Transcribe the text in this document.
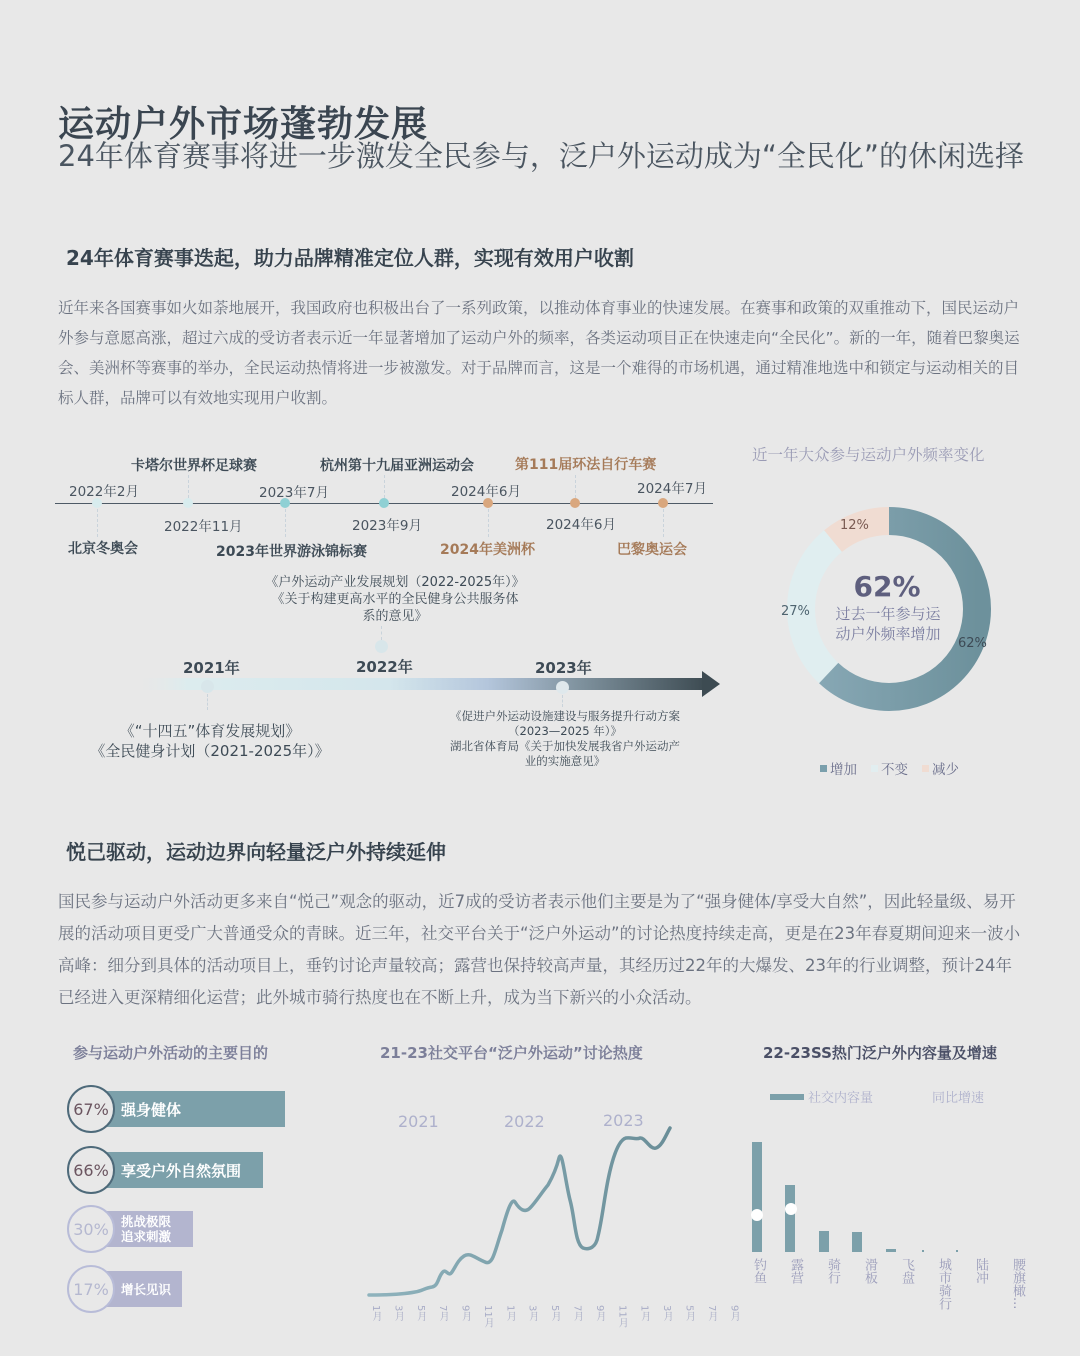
运动户外市场蓬勃发展
24年体育赛事将进一步激发全民参与，泛户外运动成为“全民化”的休闲选择
24年体育赛事迭起，助力品牌精准定位人群，实现有效用户收割
近年来各国赛事如火如荼地展开，我国政府也积极出台了一系列政策，以推动体育事业的快速发展。在赛事和政策的双重推动下，国民运动户外参与意愿高涨，超过六成的受访者表示近一年显著增加了运动户外的频率，各类运动项目正在快速走向“全民化”。新的一年，随着巴黎奥运会、美洲杯等赛事的举办，全民运动热情将进一步被激发。对于品牌而言，这是一个难得的市场机遇，通过精准地选中和锁定与运动相关的目标人群，品牌可以有效地实现用户收割。
2022年2月
2022年11月
2023年7月
2023年9月
2024年6月
2024年6月
2024年7月
北京冬奥会
卡塔尔世界杯足球赛
2023年世界游泳锦标赛
杭州第十九届亚洲运动会
2024年美洲杯
第111届环法自行车赛
巴黎奥运会
《户外运动产业发展规划（2022-2025年）》
《关于构建更高水平的全民健身公共服务体
系的意见》
2021年	2022年	2023年
《“十四五”体育发展规划》
《全民健身计划（2021-2025年）》
《促进户外运动设施建设与服务提升行动方案
（2023—2025 年）》
湖北省体育局《关于加快发展我省户外运动产
业的实施意见》
近一年大众参与运动户外频率变化
12%
27%
62%
62%
过去一年参与运
动户外频率增加
增加 不变 减少
悦己驱动，运动边界向轻量泛户外持续延伸
国民参与运动户外活动更多来自“悦己”观念的驱动，近7成的受访者表示他们主要是为了“强身健体/享受大自然”，因此轻量级、易开展的活动项目更受广大普通受众的青睐。近三年，社交平台关于“泛户外运动”的讨论热度持续走高，更是在23年春夏期间迎来一波小高峰：细分到具体的活动项目上，垂钓讨论声量较高；露营也保持较高声量，其经历过22年的大爆发、23年的行业调整，预计24年已经进入更深精细化运营；此外城市骑行热度也在不断上升，成为当下新兴的小众活动。
参与运动户外活动的主要目的
67% 强身健体
66% 享受户外自然氛围
30% 挑战极限
追求刺激
17% 增长见识
21-23社交平台“泛户外运动”讨论热度
2021	2022	2023
1月 3月 5月 7月 9月 11月 1月 3月 5月 7月 9月 11月 1月 3月 5月 7月 9月
22-23SS热门泛户外内容量及增速
社交内容量	同比增速
钓鱼 露营 骑行 滑板 飞盘 城市骑行 陆冲 腰旗橄...
